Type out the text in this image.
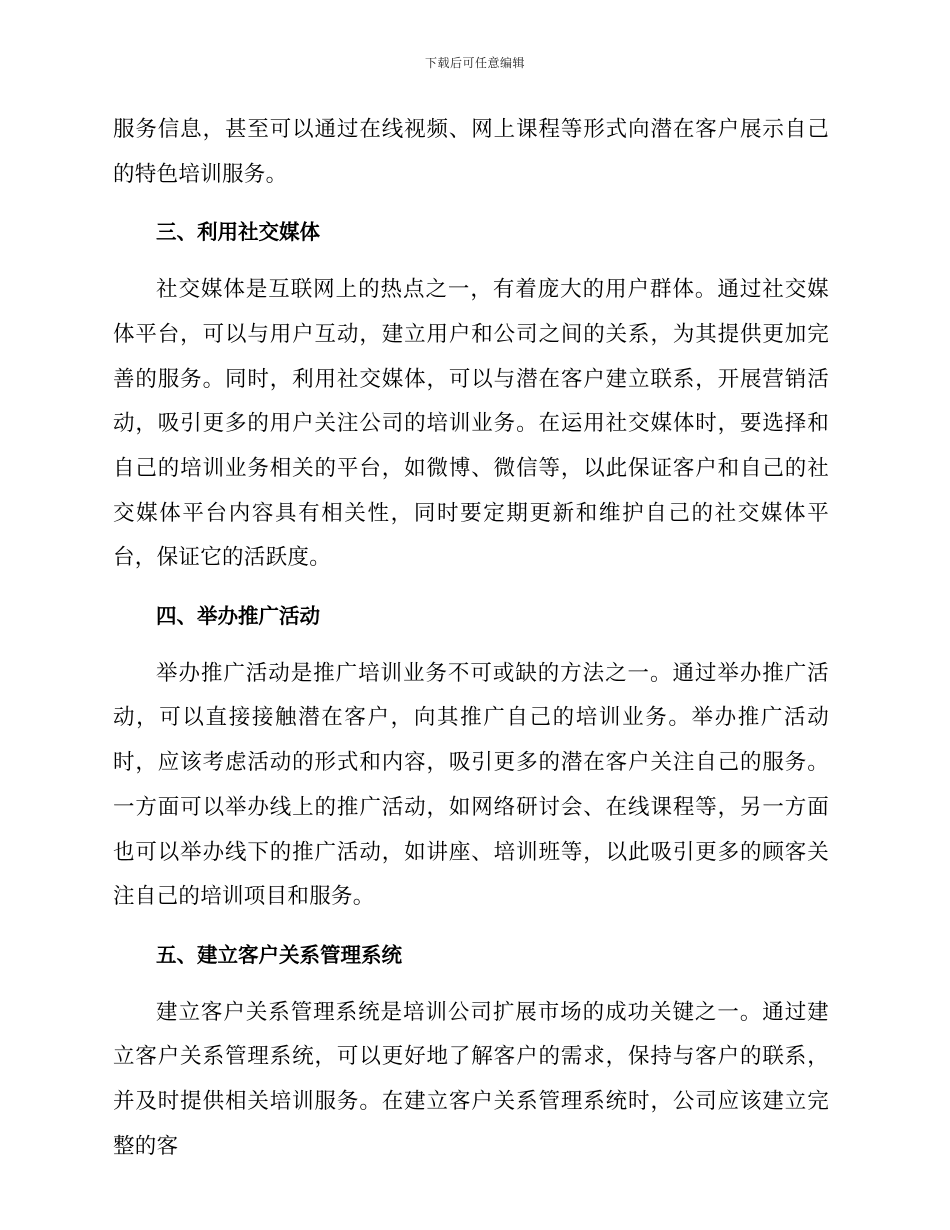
下载后可任意编辑

服务信息，甚至可以通过在线视频、网上课程等形式向潜在客户展示自己的特色培训服务。

三、利用社交媒体

社交媒体是互联网上的热点之一，有着庞大的用户群体。通过社交媒体平台，可以与用户互动，建立用户和公司之间的关系，为其提供更加完善的服务。同时，利用社交媒体，可以与潜在客户建立联系，开展营销活动，吸引更多的用户关注公司的培训业务。在运用社交媒体时，要选择和自己的培训业务相关的平台，如微博、微信等，以此保证客户和自己的社交媒体平台内容具有相关性，同时要定期更新和维护自己的社交媒体平台，保证它的活跃度。

四、举办推广活动

举办推广活动是推广培训业务不可或缺的方法之一。通过举办推广活动，可以直接接触潜在客户，向其推广自己的培训业务。举办推广活动时，应该考虑活动的形式和内容，吸引更多的潜在客户关注自己的服务。一方面可以举办线上的推广活动，如网络研讨会、在线课程等，另一方面也可以举办线下的推广活动，如讲座、培训班等，以此吸引更多的顾客关注自己的培训项目和服务。

五、建立客户关系管理系统

建立客户关系管理系统是培训公司扩展市场的成功关键之一。通过建立客户关系管理系统，可以更好地了解客户的需求，保持与客户的联系，并及时提供相关培训服务。在建立客户关系管理系统时，公司应该建立完整的客
